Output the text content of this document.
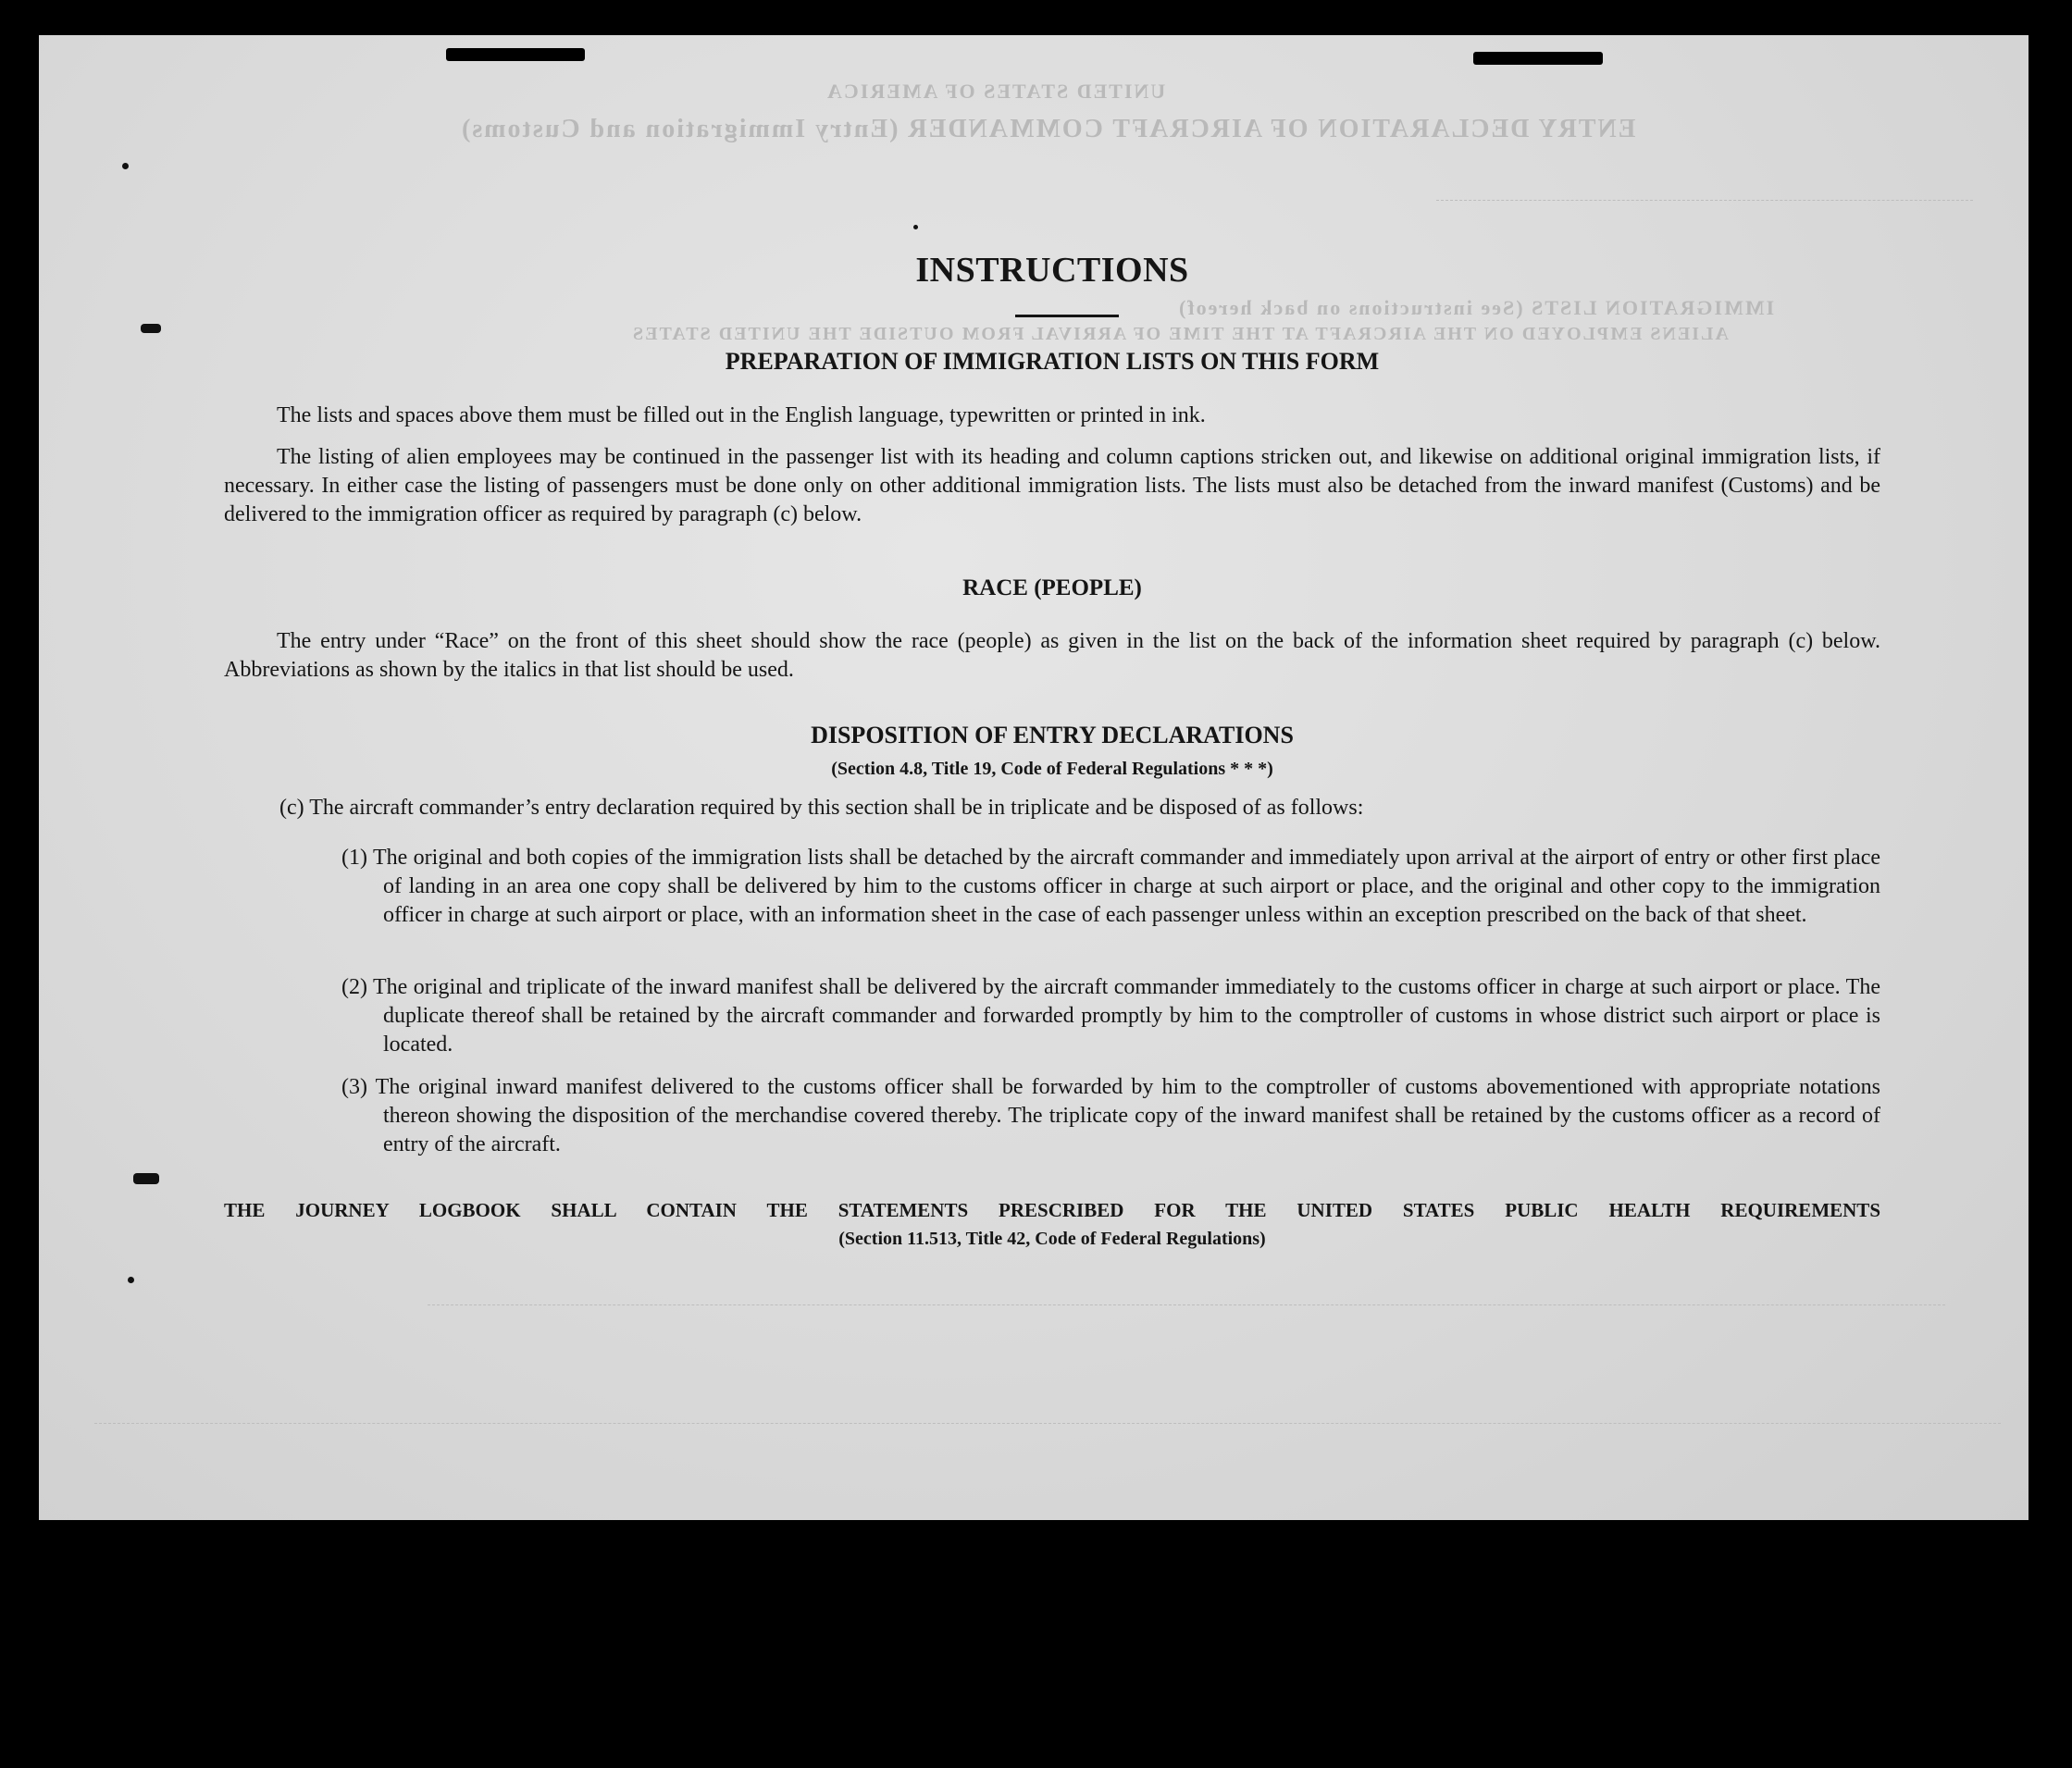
UNITED STATES OF AMERICA
ENTRY DECLARATION OF AIRCRAFT COMMANDER (Entry Immigration and Customs)
IMMIGRATION LISTS (See instructions on back hereof)
ALIENS EMPLOYED ON THE AIRCRAFT AT THE TIME OF ARRIVAL FROM OUTSIDE THE UNITED STATES
INSTRUCTIONS
PREPARATION OF IMMIGRATION LISTS ON THIS FORM
The lists and spaces above them must be filled out in the English language, typewritten or printed in ink.
The listing of alien employees may be continued in the passenger list with its heading and column captions stricken out, and likewise on additional original immigration lists, if necessary. In either case the listing of passengers must be done only on other additional immigration lists. The lists must also be detached from the inward manifest (Customs) and be delivered to the immigration officer as required by paragraph (c) below.
RACE (PEOPLE)
The entry under “Race” on the front of this sheet should show the race (people) as given in the list on the back of the information sheet required by paragraph (c) below. Abbreviations as shown by the italics in that list should be used.
DISPOSITION OF ENTRY DECLARATIONS
(Section 4.8, Title 19, Code of Federal Regulations * * *)
(c) The aircraft commander’s entry declaration required by this section shall be in triplicate and be disposed of as follows:
(1) The original and both copies of the immigration lists shall be detached by the aircraft commander and immediately upon arrival at the airport of entry or other first place of landing in an area one copy shall be delivered by him to the customs officer in charge at such airport or place, and the original and other copy to the immigration officer in charge at such airport or place, with an information sheet in the case of each passenger unless within an exception prescribed on the back of that sheet.
(2) The original and triplicate of the inward manifest shall be delivered by the aircraft commander immediately to the customs officer in charge at such airport or place. The duplicate thereof shall be retained by the aircraft commander and forwarded promptly by him to the comptroller of customs in whose district such airport or place is located.
(3) The original inward manifest delivered to the customs officer shall be forwarded by him to the comptroller of customs abovementioned with appropriate notations thereon showing the disposition of the merchandise covered thereby. The triplicate copy of the inward manifest shall be retained by the customs officer as a record of entry of the aircraft.
THE JOURNEY LOGBOOK SHALL CONTAIN THE STATEMENTS PRESCRIBED FOR THE UNITED STATES PUBLIC HEALTH REQUIREMENTS
(Section 11.513, Title 42, Code of Federal Regulations)
